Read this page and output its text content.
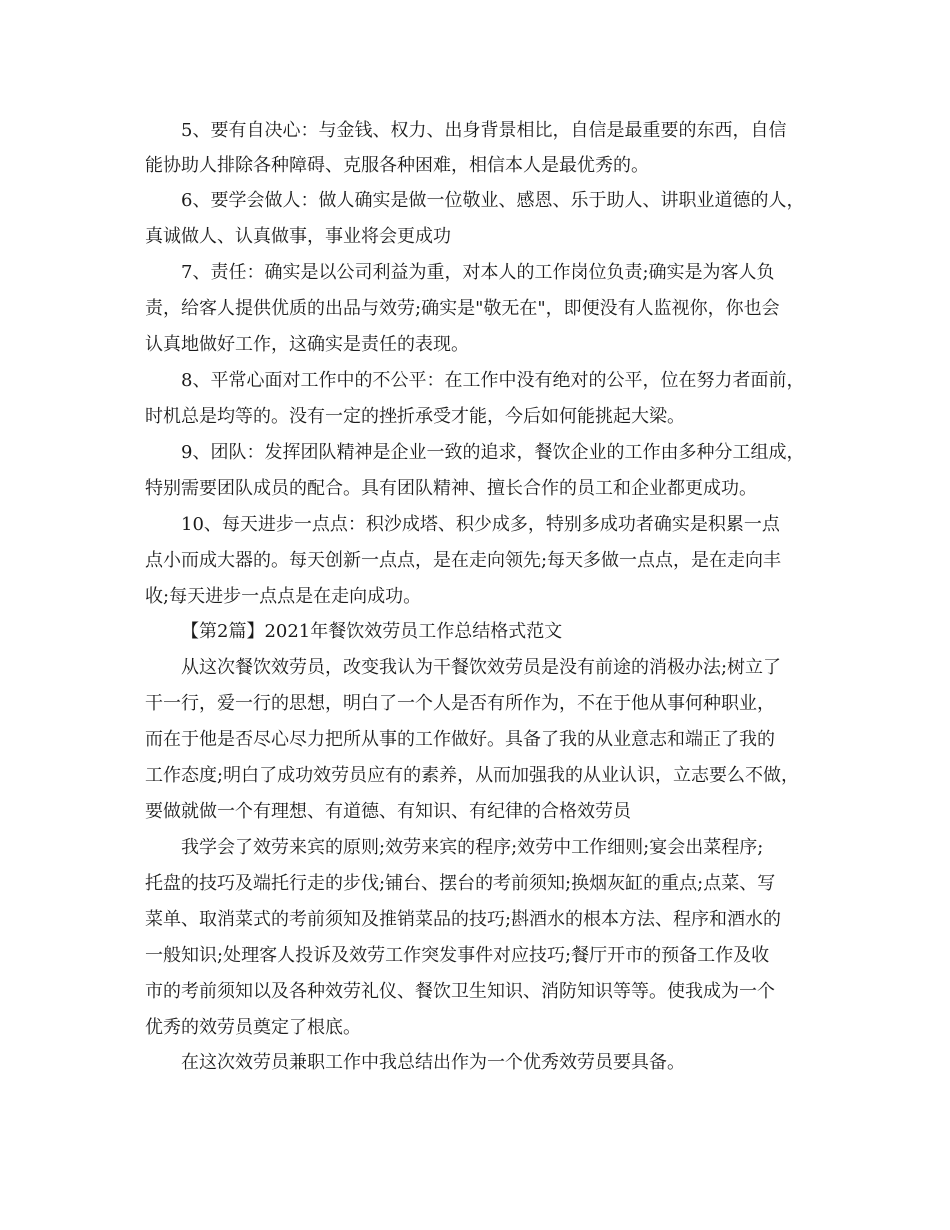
5、要有自决心：与金钱、权力、出身背景相比，自信是最重要的东西，自信
能协助人排除各种障碍、克服各种困难，相信本人是最优秀的。
6、要学会做人：做人确实是做一位敬业、感恩、乐于助人、讲职业道德的人，
真诚做人、认真做事，事业将会更成功
7、责任：确实是以公司利益为重，对本人的工作岗位负责;确实是为客人负
责，给客人提供优质的出品与效劳;确实是"敬无在"，即便没有人监视你，你也会
认真地做好工作，这确实是责任的表现。
8、平常心面对工作中的不公平：在工作中没有绝对的公平，位在努力者面前，
时机总是均等的。没有一定的挫折承受才能，今后如何能挑起大梁。
9、团队：发挥团队精神是企业一致的追求，餐饮企业的工作由多种分工组成，
特别需要团队成员的配合。具有团队精神、擅长合作的员工和企业都更成功。
10、每天进步一点点：积沙成塔、积少成多，特别多成功者确实是积累一点
点小而成大器的。每天创新一点点，是在走向领先;每天多做一点点，是在走向丰
收;每天进步一点点是在走向成功。
【第2篇】2021年餐饮效劳员工作总结格式范文
从这次餐饮效劳员，改变我认为干餐饮效劳员是没有前途的消极办法;树立了
干一行，爱一行的思想，明白了一个人是否有所作为，不在于他从事何种职业，
而在于他是否尽心尽力把所从事的工作做好。具备了我的从业意志和端正了我的
工作态度;明白了成功效劳员应有的素养，从而加强我的从业认识，立志要么不做，
要做就做一个有理想、有道德、有知识、有纪律的合格效劳员
我学会了效劳来宾的原则;效劳来宾的程序;效劳中工作细则;宴会出菜程序;
托盘的技巧及端托行走的步伐;铺台、摆台的考前须知;换烟灰缸的重点;点菜、写
菜单、取消菜式的考前须知及推销菜品的技巧;斟酒水的根本方法、程序和酒水的
一般知识;处理客人投诉及效劳工作突发事件对应技巧;餐厅开市的预备工作及收
市的考前须知以及各种效劳礼仪、餐饮卫生知识、消防知识等等。使我成为一个
优秀的效劳员奠定了根底。
在这次效劳员兼职工作中我总结出作为一个优秀效劳员要具备。
